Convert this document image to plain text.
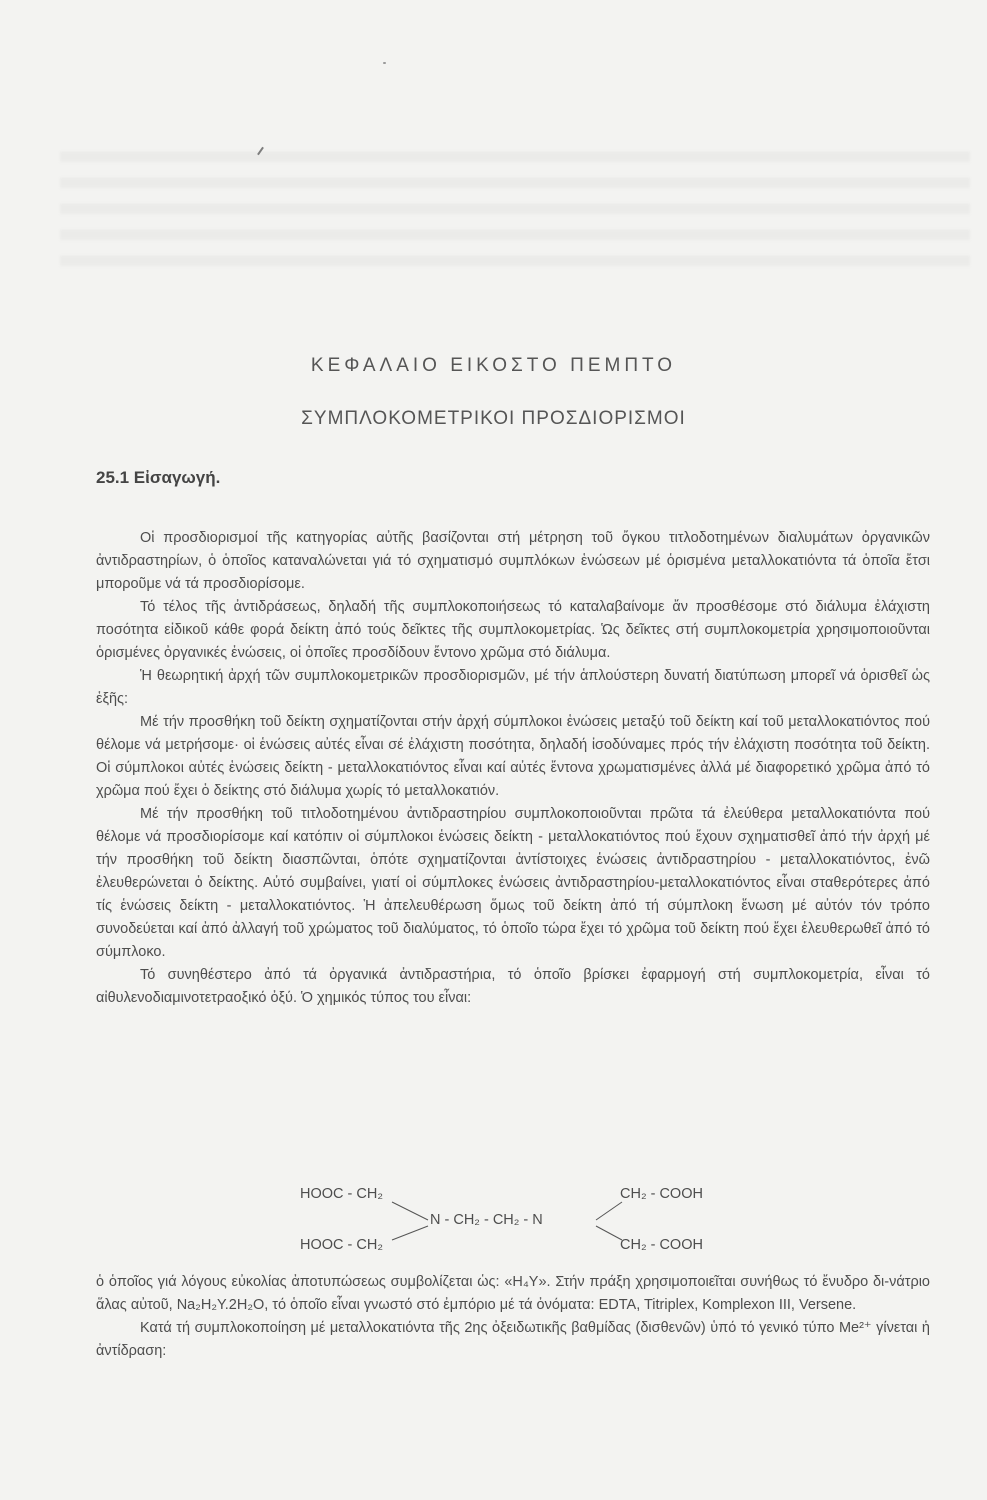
ΚΕΦΑΛΑΙΟ ΕΙΚΟΣΤΟ ΠΕΜΠΤΟ
ΣΥΜΠΛΟΚΟΜΕΤΡΙΚΟΙ ΠΡΟΣΔΙΟΡΙΣΜΟΙ
25.1 Εἰσαγωγή.

Οἱ προσδιορισμοί τῆς κατηγορίας αὐτῆς βασίζονται στή μέτρηση τοῦ ὄγκου τιτλοδοτημένων διαλυμάτων ὀργανικῶν ἀντιδραστηρίων, ὁ ὁποῖος καταναλώνεται γιά τό σχηματισμό συμπλόκων ἑνώσεων μέ ὁρισμένα μεταλλοκατιόντα τά ὁποῖα ἔτσι μποροῦμε νά τά προσδιορίσομε.

Τό τέλος τῆς ἀντιδράσεως, δηλαδή τῆς συμπλοκοποιήσεως τό καταλαβαίνομε ἄν προσθέσομε στό διάλυμα ἐλάχιστη ποσότητα εἰδικοῦ κάθε φορά δείκτη ἀπό τούς δεῖκτες τῆς συμπλοκομετρίας. Ὡς δεῖκτες στή συμπλοκομετρία χρησιμοποιοῦνται ὁρισμένες ὀργανικές ἑνώσεις, οἱ ὁποῖες προσδίδουν ἔντονο χρῶμα στό διάλυμα.

Ἡ θεωρητική ἀρχή τῶν συμπλοκομετρικῶν προσδιορισμῶν, μέ τήν ἁπλούστερη δυνατή διατύπωση μπορεῖ νά ὁρισθεῖ ὡς ἑξῆς:

Μέ τήν προσθήκη τοῦ δείκτη σχηματίζονται στήν ἀρχή σύμπλοκοι ἑνώσεις μεταξύ τοῦ δείκτη καί τοῦ μεταλλοκατιόντος πού θέλομε νά μετρήσομε· οἱ ἑνώσεις αὐτές εἶναι σέ ἐλάχιστη ποσότητα, δηλαδή ἰσοδύναμες πρός τήν ἐλάχιστη ποσότητα τοῦ δείκτη. Οἱ σύμπλοκοι αὐτές ἑνώσεις δείκτη - μεταλλοκατιόντος εἶναι καί αὐτές ἔντονα χρωματισμένες ἀλλά μέ διαφορετικό χρῶμα ἀπό τό χρῶμα πού ἔχει ὁ δείκτης στό διάλυμα χωρίς τό μεταλλοκατιόν.

Μέ τήν προσθήκη τοῦ τιτλοδοτημένου ἀντιδραστηρίου συμπλοκοποιοῦνται πρῶτα τά ἐλεύθερα μεταλλοκατιόντα πού θέλομε νά προσδιορίσομε καί κατόπιν οἱ σύμπλοκοι ἑνώσεις δείκτη - μεταλλοκατιόντος πού ἔχουν σχηματισθεῖ ἀπό τήν ἀρχή μέ τήν προσθήκη τοῦ δείκτη διασπῶνται, ὁπότε σχηματίζονται ἀντίστοιχες ἑνώσεις ἀντιδραστηρίου - μεταλλοκατιόντος, ἐνῶ ἐλευθερώνεται ὁ δείκτης. Αὐτό συμβαίνει, γιατί οἱ σύμπλοκες ἑνώσεις ἀντιδραστηρίου-μεταλλοκατιόντος εἶναι σταθερότερες ἀπό τίς ἑνώσεις δείκτη - μεταλλοκατιόντος. Ἡ ἀπελευθέρωση ὅμως τοῦ δείκτη ἀπό τή σύμπλοκη ἕνωση μέ αὐτόν τόν τρόπο συνοδεύεται καί ἀπό ἀλλαγή τοῦ χρώματος τοῦ διαλύματος, τό ὁποῖο τώρα ἔχει τό χρῶμα τοῦ δείκτη πού ἔχει ἐλευθερωθεῖ ἀπό τό σύμπλοκο.

Τό συνηθέστερο ἀπό τά ὀργανικά ἀντιδραστήρια, τό ὁποῖο βρίσκει ἐφαρμογή στή συμπλοκομετρία, εἶναι τό αἰθυλενοδιαμινοτετραοξικό ὀξύ. Ὁ χημικός τύπος του εἶναι:

HOOC - CH₂
HOOC - CH₂
N - CH₂ - CH₂ - N
CH₂ - COOH
CH₂ - COOH

ὁ ὁποῖος γιά λόγους εὐκολίας ἀποτυπώσεως συμβολίζεται ὡς: «H₄Y». Στήν πράξη χρησιμοποιεῖται συνήθως τό ἔνυδρο δι-νάτριο ἅλας αὐτοῦ, Na₂H₂Y.2H₂O, τό ὁποῖο εἶναι γνωστό στό ἐμπόριο μέ τά ὀνόματα: EDTA, Titriplex, Komplexon III, Versene.

Κατά τή συμπλοκοποίηση μέ μεταλλοκατιόντα τῆς 2ης ὀξειδωτικῆς βαθμίδας (δισθενῶν) ὑπό τό γενικό τύπο Me²⁺ γίνεται ἡ ἀντίδραση:
